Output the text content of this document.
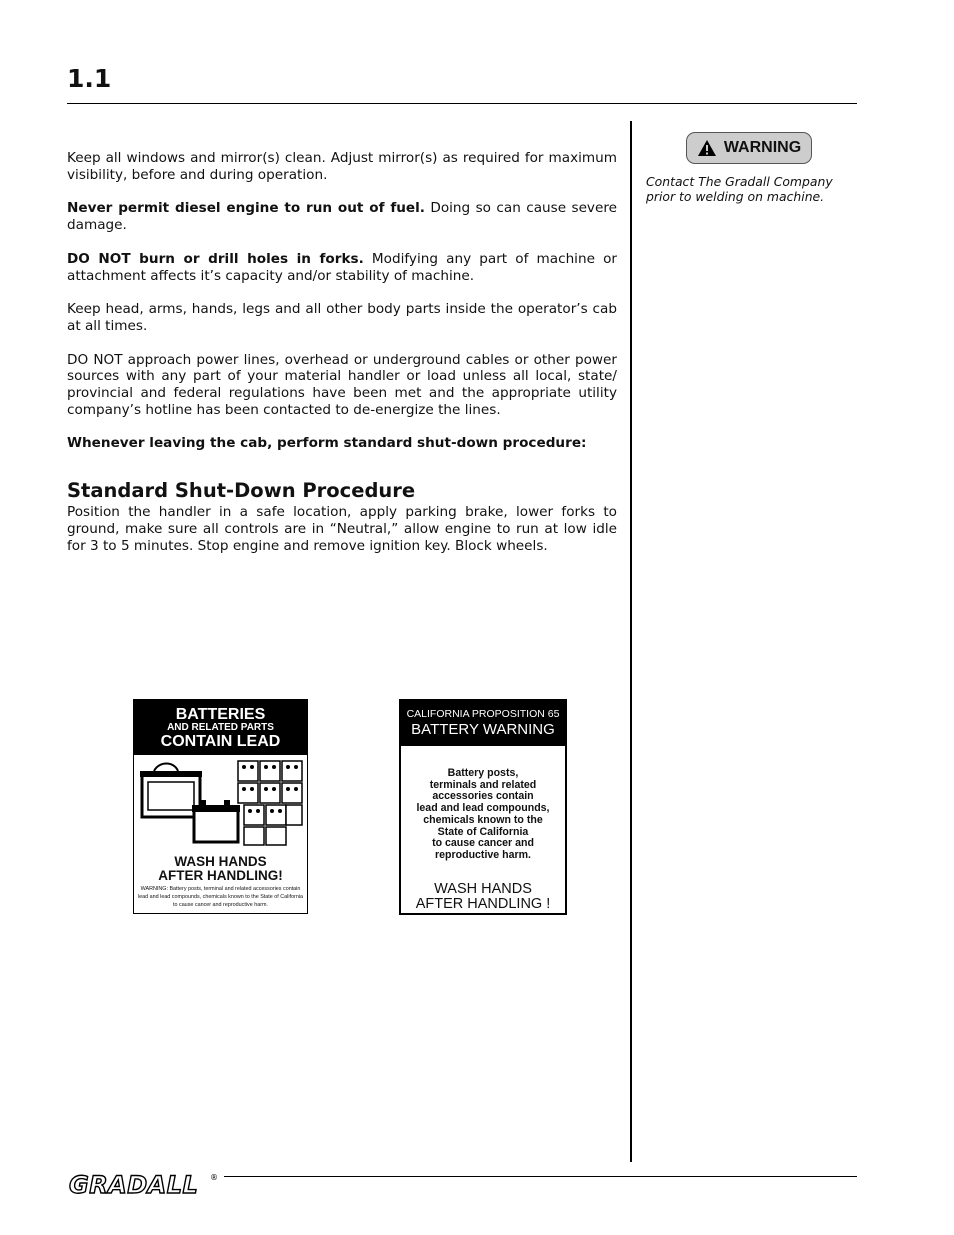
1.1

Keep all windows and mirror(s) clean. Adjust mirror(s) as required for maximum visibility, before and during operation.

Never permit diesel engine to run out of fuel. Doing so can cause severe damage.

DO NOT burn or drill holes in forks. Modifying any part of machine or attachment affects it’s capacity and/or stability of machine.

Keep head, arms, hands, legs and all other body parts inside the operator’s cab at all times.

DO NOT approach power lines, overhead or underground cables or other power sources with any part of your material handler or load unless all local, state/ provincial and federal regulations have been met and the appropriate utility company’s hotline has been contacted to de-energize the lines.

Whenever leaving the cab, perform standard shut-down procedure:

Standard Shut-Down Procedure

Position the handler in a safe location, apply parking brake, lower forks to ground, make sure all controls are in “Neutral,” allow engine to run at low idle for 3 to 5 minutes. Stop engine and remove ignition key. Block wheels.

WARNING
Contact The Gradall Company prior to welding on machine.
BATTERIES
AND RELATED PARTS
CONTAIN LEAD
WASH HANDS
AFTER HANDLING!
WARNING: Battery posts, terminal and related accessories contain lead and lead compounds, chemicals known to the State of California to cause cancer and reproductive harm.
CALIFORNIA PROPOSITION 65
BATTERY WARNING
Battery posts,
terminals and related
accessories contain
lead and lead compounds,
chemicals known to the
State of California
to cause cancer and
reproductive harm.
WASH HANDS
AFTER HANDLING !
GRADALL ®
